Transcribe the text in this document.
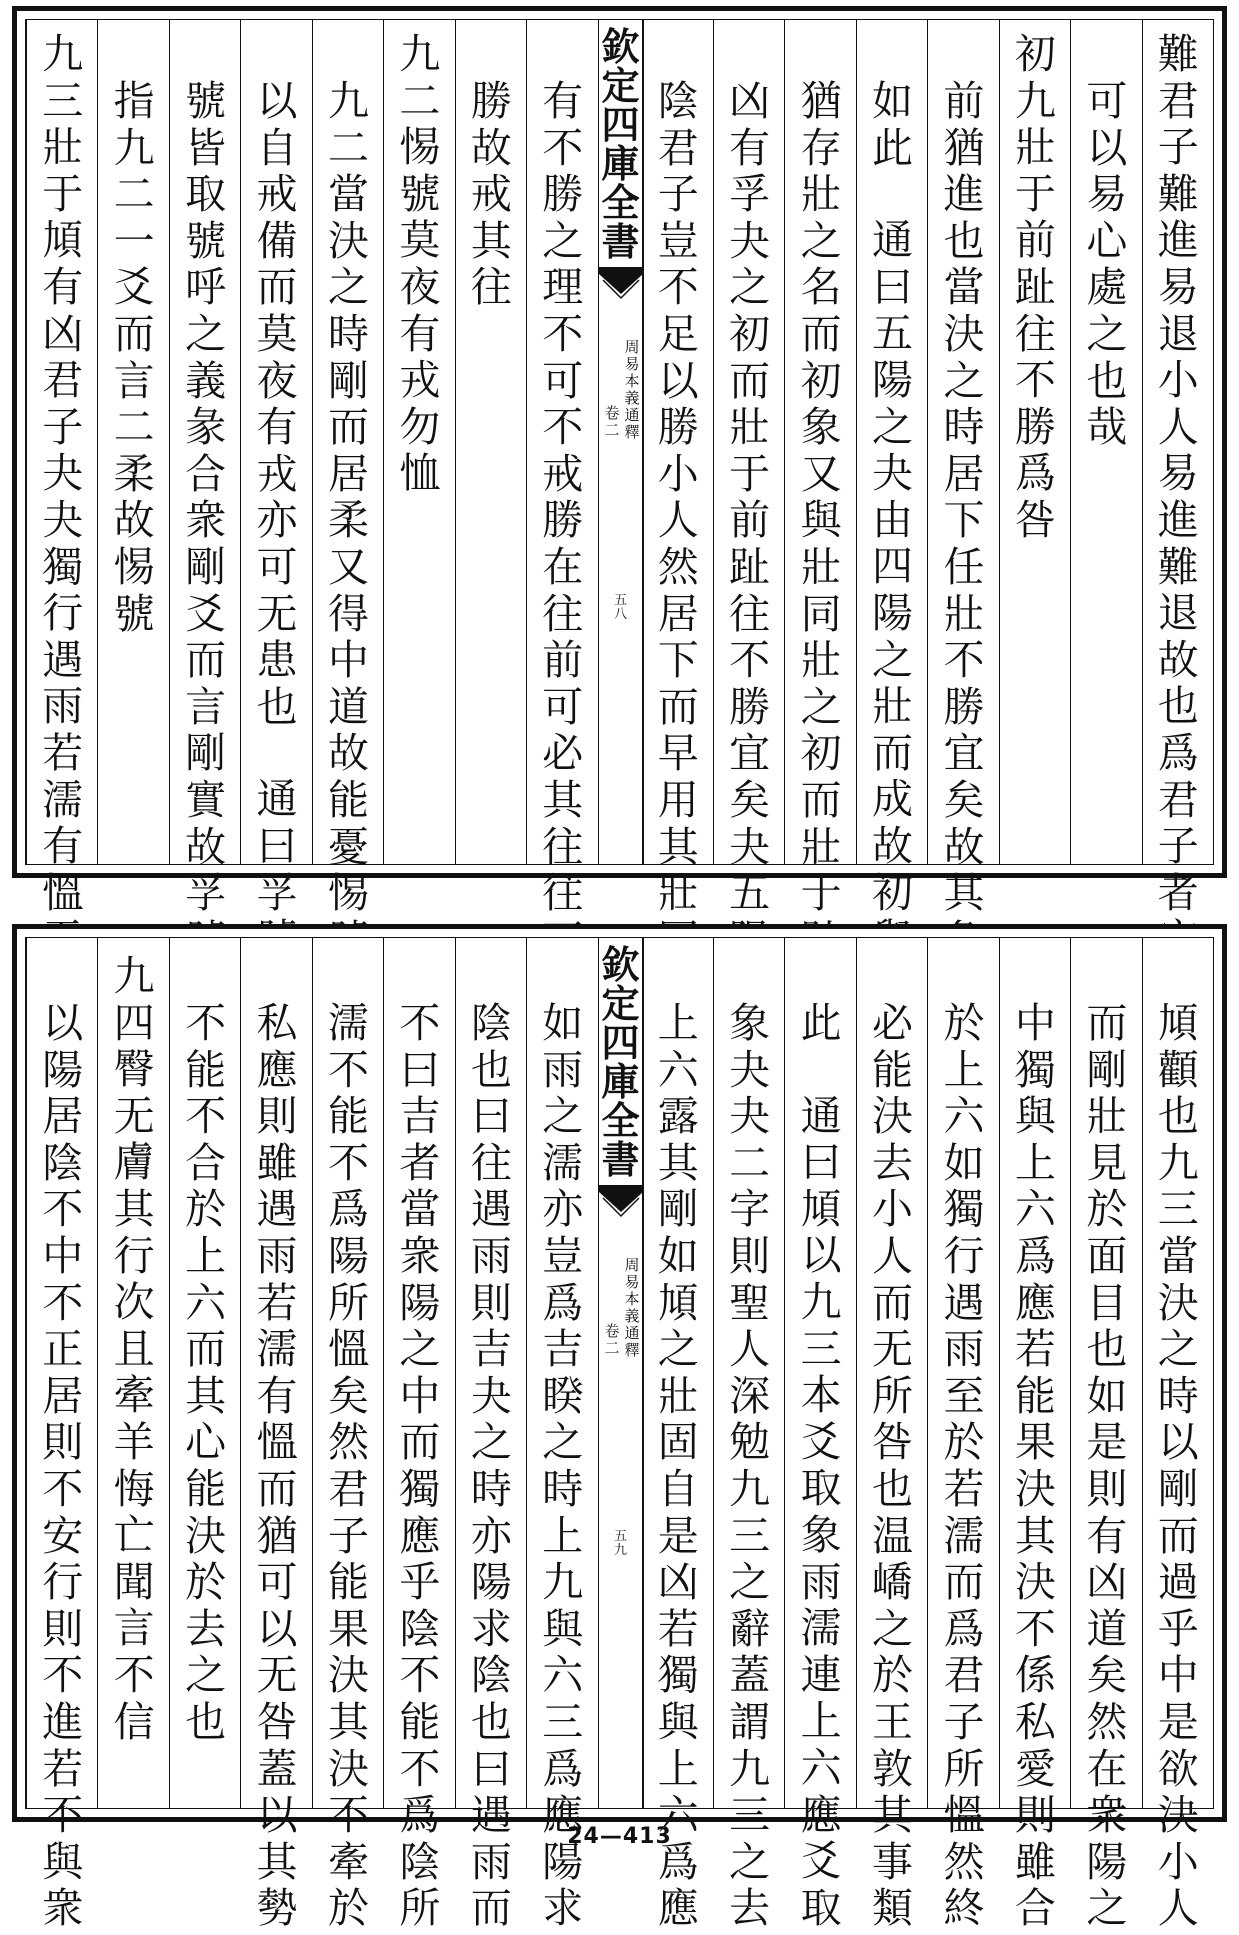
難
君
子
難
進
易
退
小
人
易
進
難
退
故
也
爲
君
子
者
可
以
易
心
處
之
也
哉
初
九
壯
于
前
趾
往
不
勝
爲
咎
前
猶
進
也
當
決
之
時
居
下
任
壯
不
勝
宜
矣
故
其
如
此
通
曰
五
陽
之
夬
由
四
陽
之
壯
而
成
故
初
猶
存
壯
之
名
而
初
象
又
與
壯
同
壯
之
初
而
壯
于
凶
有
孚
夬
之
初
而
壯
于
前
趾
往
不
勝
宜
矣
夬
五
陰
君
子
豈
不
足
以
勝
小
人
然
居
下
而
早
用
其
壯
有
不
勝
之
理
不
可
不
戒
勝
在
往
前
可
必
其
往
往
勝
故
戒
其
往
九
二
惕
號
莫
夜
有
戎
勿
恤
九
二
當
決
之
時
剛
而
居
柔
又
得
中
道
故
能
憂
惕
以
自
戒
備
而
莫
夜
有
戎
亦
可
无
患
也
通
曰
孚
號
皆
取
號
呼
之
義
彖
合
衆
剛
爻
而
言
剛
實
故
孚
指
九
二
一
爻
而
言
二
柔
故
惕
號
九
三
壯
于
頄
有
凶
君
子
夬
夬
獨
行
遇
雨
若
濡
有
慍
欽
定
四
庫
全
書
周
易
本
義
通
釋
卷
二
五
八
頄
顴
也
九
三
當
決
之
時
以
剛
而
過
乎
中
是
欲
決
小
人
而
剛
壯
見
於
面
目
也
如
是
則
有
凶
道
矣
然
在
衆
陽
之
中
獨
與
上
六
爲
應
若
能
果
決
其
決
不
係
私
愛
則
雖
合
於
上
六
如
獨
行
遇
雨
至
於
若
濡
而
爲
君
子
所
慍
然
終
必
能
決
去
小
人
而
无
所
咎
也
温
嶠
之
於
王
敦
其
事
類
此
通
曰
頄
以
九
三
本
爻
取
象
雨
濡
連
上
六
應
爻
取
象
夬
夬
二
字
則
聖
人
深
勉
九
三
之
辭
蓋
謂
九
三
之
去
上
六
露
其
剛
如
頄
之
壯
固
自
是
凶
若
獨
與
上
六
爲
應
如
雨
之
濡
亦
豈
爲
吉
睽
之
時
上
九
與
六
三
爲
應
陽
求
陰
也
曰
往
遇
雨
則
吉
夬
之
時
亦
陽
求
陰
也
曰
遇
雨
而
不
曰
吉
者
當
衆
陽
之
中
而
獨
應
乎
陰
不
能
不
爲
陰
所
濡
不
能
不
爲
陽
所
慍
矣
然
君
子
能
果
決
其
決
不
牽
於
私
應
則
雖
遇
雨
若
濡
有
慍
而
猶
可
以
无
咎
蓋
以
其
勢
不
能
不
合
於
上
六
而
其
心
能
決
於
去
之
也
九
四
臀
无
膚
其
行
次
且
牽
羊
悔
亡
聞
言
不
信
以
陽
居
陰
不
中
不
正
居
則
不
安
行
則
不
進
若
不
與
衆
欽
定
四
庫
全
書
周
易
本
義
通
釋
卷
二
五
九
24—413
